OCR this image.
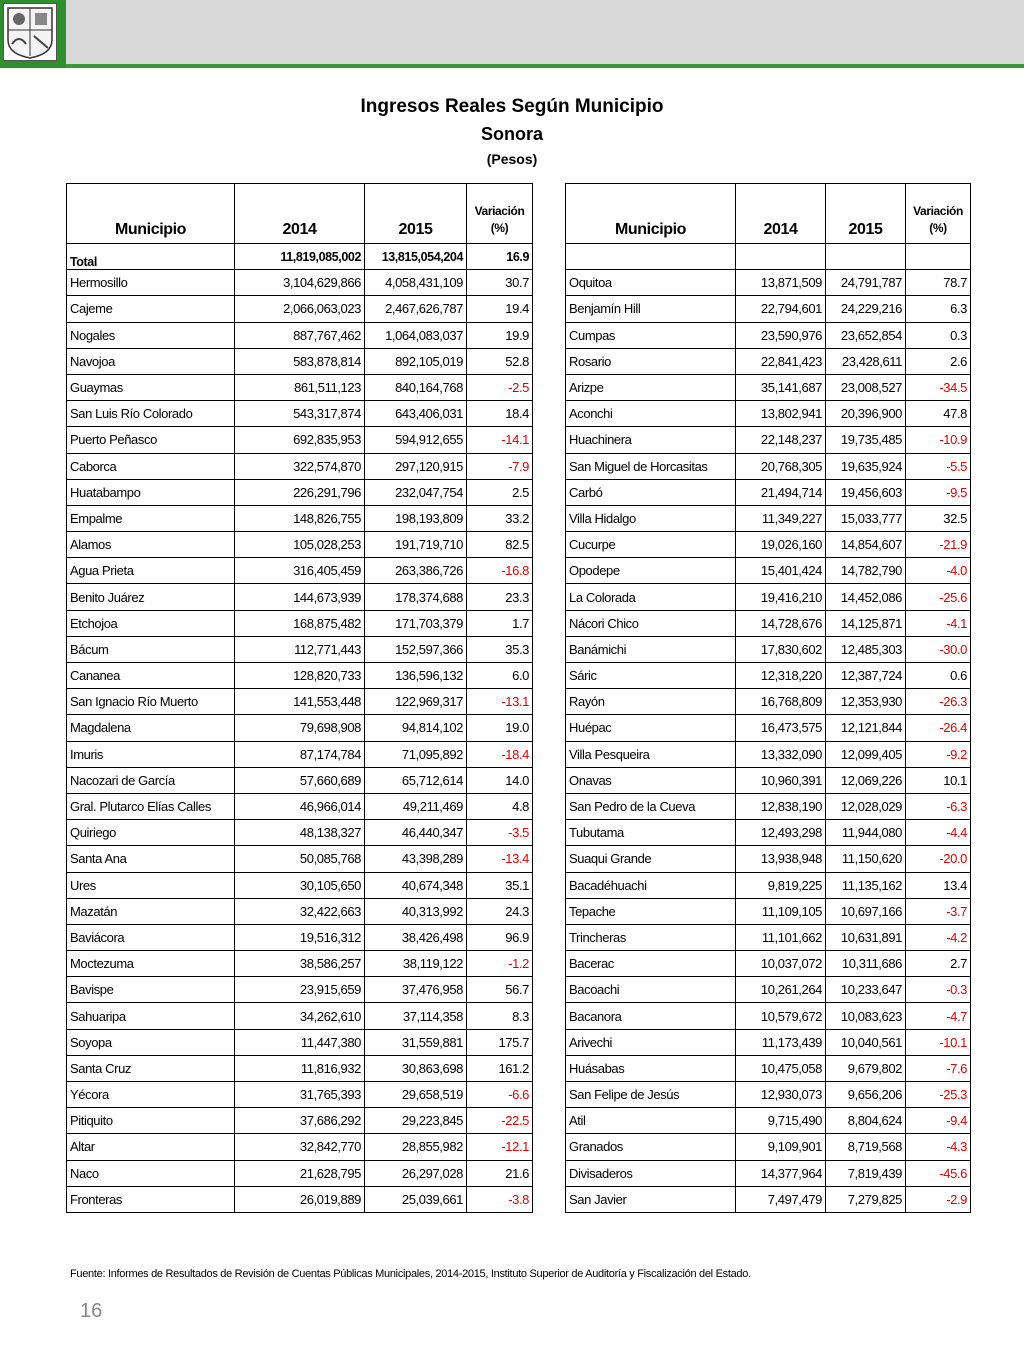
Ingresos Reales Según Municipio
Sonora
(Pesos)
Municipio	2014	2015	Variación
(%)
Total	11,819,085,002	13,815,054,204	16.9
Hermosillo	3,104,629,866	4,058,431,109	30.7
Cajeme	2,066,063,023	2,467,626,787	19.4
Nogales	887,767,462	1,064,083,037	19.9
Navojoa	583,878,814	892,105,019	52.8
Guaymas	861,511,123	840,164,768	-2.5
San Luis Río Colorado	543,317,874	643,406,031	18.4
Puerto Peñasco	692,835,953	594,912,655	-14.1
Caborca	322,574,870	297,120,915	-7.9
Huatabampo	226,291,796	232,047,754	2.5
Empalme	148,826,755	198,193,809	33.2
Alamos	105,028,253	191,719,710	82.5
Agua Prieta	316,405,459	263,386,726	-16.8
Benito Juárez	144,673,939	178,374,688	23.3
Etchojoa	168,875,482	171,703,379	1.7
Bácum	112,771,443	152,597,366	35.3
Cananea	128,820,733	136,596,132	6.0
San Ignacio Río Muerto	141,553,448	122,969,317	-13.1
Magdalena	79,698,908	94,814,102	19.0
Imuris	87,174,784	71,095,892	-18.4
Nacozari de García	57,660,689	65,712,614	14.0
Gral. Plutarco Elías Calles	46,966,014	49,211,469	4.8
Quiriego	48,138,327	46,440,347	-3.5
Santa Ana	50,085,768	43,398,289	-13.4
Ures	30,105,650	40,674,348	35.1
Mazatán	32,422,663	40,313,992	24.3
Baviácora	19,516,312	38,426,498	96.9
Moctezuma	38,586,257	38,119,122	-1.2
Bavispe	23,915,659	37,476,958	56.7
Sahuaripa	34,262,610	37,114,358	8.3
Soyopa	11,447,380	31,559,881	175.7
Santa Cruz	11,816,932	30,863,698	161.2
Yécora	31,765,393	29,658,519	-6.6
Pitiquito	37,686,292	29,223,845	-22.5
Altar	32,842,770	28,855,982	-12.1
Naco	21,628,795	26,297,028	21.6
Fronteras	26,019,889	25,039,661	-3.8
Municipio	2014	2015	Variación
(%)

Oquitoa	13,871,509	24,791,787	78.7
Benjamín Hill	22,794,601	24,229,216	6.3
Cumpas	23,590,976	23,652,854	0.3
Rosario	22,841,423	23,428,611	2.6
Arizpe	35,141,687	23,008,527	-34.5
Aconchi	13,802,941	20,396,900	47.8
Huachinera	22,148,237	19,735,485	-10.9
San Miguel de Horcasitas	20,768,305	19,635,924	-5.5
Carbó	21,494,714	19,456,603	-9.5
Villa Hidalgo	11,349,227	15,033,777	32.5
Cucurpe	19,026,160	14,854,607	-21.9
Opodepe	15,401,424	14,782,790	-4.0
La Colorada	19,416,210	14,452,086	-25.6
Nácori Chico	14,728,676	14,125,871	-4.1
Banámichi	17,830,602	12,485,303	-30.0
Sáric	12,318,220	12,387,724	0.6
Rayón	16,768,809	12,353,930	-26.3
Huépac	16,473,575	12,121,844	-26.4
Villa Pesqueira	13,332,090	12,099,405	-9.2
Onavas	10,960,391	12,069,226	10.1
San Pedro de la Cueva	12,838,190	12,028,029	-6.3
Tubutama	12,493,298	11,944,080	-4.4
Suaqui Grande	13,938,948	11,150,620	-20.0
Bacadéhuachi	9,819,225	11,135,162	13.4
Tepache	11,109,105	10,697,166	-3.7
Trincheras	11,101,662	10,631,891	-4.2
Bacerac	10,037,072	10,311,686	2.7
Bacoachi	10,261,264	10,233,647	-0.3
Bacanora	10,579,672	10,083,623	-4.7
Arivechi	11,173,439	10,040,561	-10.1
Huásabas	10,475,058	9,679,802	-7.6
San Felipe de Jesús	12,930,073	9,656,206	-25.3
Atil	9,715,490	8,804,624	-9.4
Granados	9,109,901	8,719,568	-4.3
Divisaderos	14,377,964	7,819,439	-45.6
San Javier	7,497,479	7,279,825	-2.9
Fuente: Informes de Resultados de Revisión de Cuentas Públicas Municipales, 2014-2015, Instituto Superior de Auditoría y Fiscalización del Estado.
16
